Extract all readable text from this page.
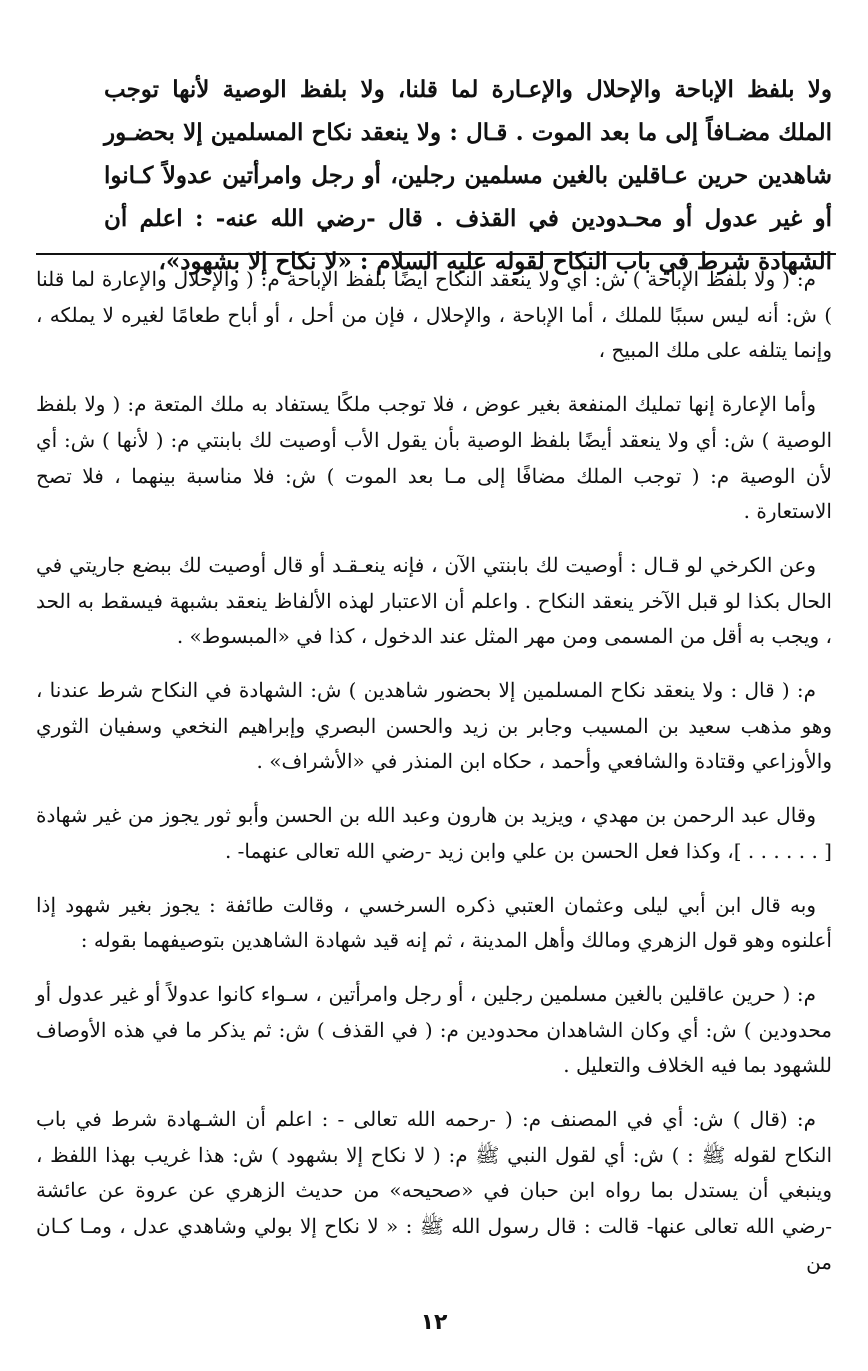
ولا بلفظ الإباحة والإحلال والإعـارة لما قلنا، ولا بلفظ الوصية لأنها توجب الملك مضـافاً إلى ما بعد الموت . قـال : ولا ينعقد نكاح المسلمين إلا بحضـور شاهدين حرين عـاقلين بالغين مسلمين رجلين، أو رجل وامرأتين عدولاً كـانوا أو غير عدول أو محـدودين في القذف . قال -رضي الله عنه- : اعلم أن الشهادة شرط في باب النكاح لقوله عليه السلام : «لا نكاح إلا بشهود»،

م: ( ولا بلفظ الإباحة ) ش: أي ولا ينعقد النكاح أيضًا بلفظ الإباحة م: ( والإحلال والإعارة لما قلنا ) ش: أنه ليس سببًا للملك ، أما الإباحة ، والإحلال ، فإن من أحل ، أو أباح طعامًا لغيره لا يملكه ، وإنما يتلفه على ملك المبيح ،

وأما الإعارة إنها تمليك المنفعة بغير عوض ، فلا توجب ملكًا يستفاد به ملك المتعة م: ( ولا بلفظ الوصية ) ش: أي ولا ينعقد أيضًا بلفظ الوصية بأن يقول الأب أوصيت لك بابنتي م: ( لأنها ) ش: أي لأن الوصية م: ( توجب الملك مضافًا إلى مـا بعد الموت ) ش: فلا مناسبة بينهما ، فلا تصح الاستعارة .

وعن الكرخي لو قـال : أوصيت لك بابنتي الآن ، فإنه ينعـقـد أو قال أوصيت لك ببضع جاريتي في الحال بكذا لو قبل الآخر ينعقد النكاح . واعلم أن الاعتبار لهذه الألفاظ ينعقد بشبهة فيسقط به الحد ، ويجب به أقل من المسمى ومن مهر المثل عند الدخول ، كذا في «المبسوط» .

م: ( قال : ولا ينعقد نكاح المسلمين إلا بحضور شاهدين ) ش: الشهادة في النكاح شرط عندنا ، وهو مذهب سعيد بن المسيب وجابر بن زيد والحسن البصري وإبراهيم النخعي وسفيان الثوري والأوزاعي وقتادة والشافعي وأحمد ، حكاه ابن المنذر في «الأشراف» .

وقال عبد الرحمن بن مهدي ، ويزيد بن هارون وعبد الله بن الحسن وأبو ثور يجوز من غير شهادة [ . . . . . . ]، وكذا فعل الحسن بن علي وابن زيد -رضي الله تعالى عنهما- .

وبه قال ابن أبي ليلى وعثمان العتبي ذكره السرخسي ، وقالت طائفة : يجوز بغير شهود إذا أعلنوه وهو قول الزهري ومالك وأهل المدينة ، ثم إنه قيد شهادة الشاهدين بتوصيفهما بقوله :

م: ( حرين عاقلين بالغين مسلمين رجلين ، أو رجل وامرأتين ، سـواء كانوا عدولاً أو غير عدول أو محدودين ) ش: أي وكان الشاهدان محدودين م: ( في القذف ) ش: ثم يذكر ما في هذه الأوصاف للشهود بما فيه الخلاف والتعليل .

م: (قال ) ش: أي في المصنف م: ( -رحمه الله تعالى - : اعلم أن الشـهادة شرط في باب النكاح لقوله ﷺ : ) ش: أي لقول النبي ﷺ م: ( لا نكاح إلا بشهود ) ش: هذا غريب بهذا اللفظ ، وينبغي أن يستدل بما رواه ابن حبان في «صحيحه» من حديث الزهري عن عروة عن عائشة -رضي الله تعالى عنها- قالت : قال رسول الله ﷺ : « لا نكاح إلا بولي وشاهدي عدل ، ومـا كـان من

١٢
